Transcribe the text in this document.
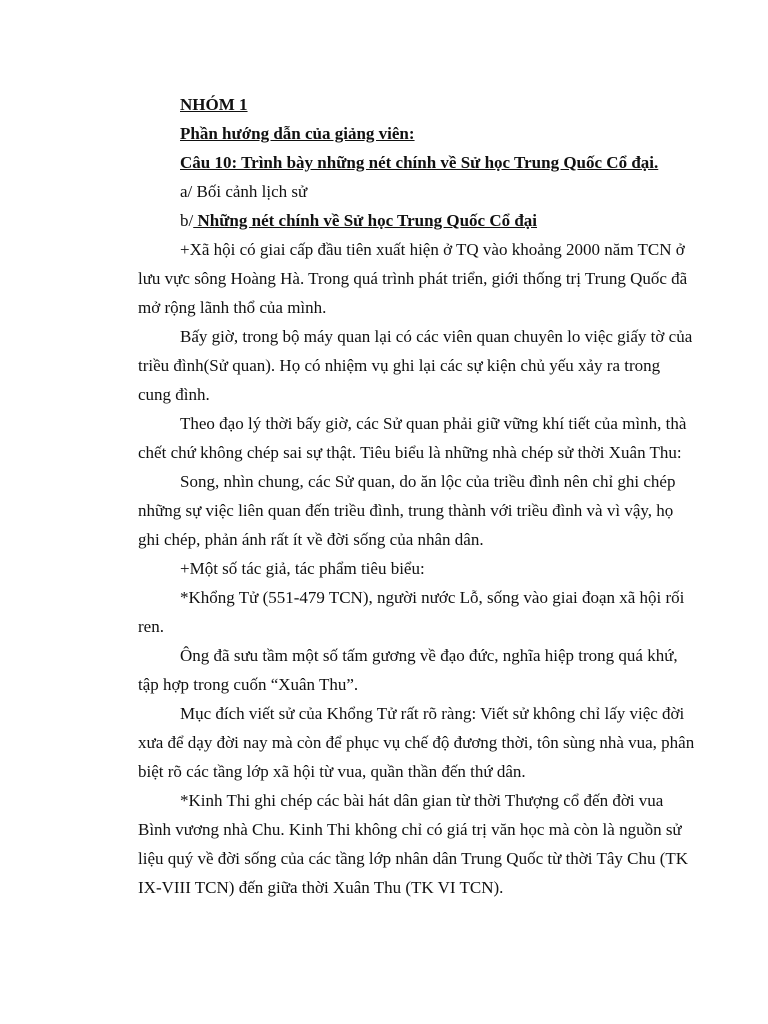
NHÓM 1

Phần hướng dẫn của giảng viên:

Câu 10: Trình bày những nét chính về Sử học Trung Quốc Cổ đại.

a/ Bối cảnh lịch sử

b/ Những nét chính về Sử học Trung Quốc Cổ đại

+Xã hội có giai cấp đầu tiên xuất hiện ở TQ vào khoảng 2000 năm TCN ở
lưu vực sông Hoàng Hà. Trong quá trình phát triển, giới thống trị Trung Quốc đã
mở rộng lãnh thổ của mình.

Bấy giờ, trong bộ máy quan lại có các viên quan chuyên lo việc giấy tờ của
triều đình(Sử quan). Họ có nhiệm vụ ghi lại các sự kiện chủ yếu xảy ra trong
cung đình.

Theo đạo lý thời bấy giờ, các Sử quan phải giữ vững khí tiết của mình, thà
chết chứ không chép sai sự thật. Tiêu biểu là những nhà chép sử thời Xuân Thu:

Song, nhìn chung, các Sử quan, do ăn lộc của triều đình nên chỉ ghi chép
những sự việc liên quan đến triều đình, trung thành với triều đình và vì vậy, họ
ghi chép, phản ánh rất ít về đời sống của nhân dân.

+Một số tác giả, tác phẩm tiêu biểu:

*Khổng Tử (551-479 TCN), người nước Lỗ, sống vào giai đoạn xã hội rối
ren.

Ông đã sưu tầm một số tấm gương về đạo đức, nghĩa hiệp trong quá khứ,
tập hợp trong cuốn “Xuân Thu”.

Mục đích viết sử của Khổng Tử rất rõ ràng: Viết sử không chỉ lấy việc đời
xưa để dạy đời nay mà còn để phục vụ chế độ đương thời, tôn sùng nhà vua, phân
biệt rõ các tầng lớp xã hội từ vua, quần thần đến thứ dân.

*Kinh Thi ghi chép các bài hát dân gian từ thời Thượng cổ đến đời vua
Bình vương nhà Chu. Kinh Thi không chỉ có giá trị văn học mà còn là nguồn sử
liệu quý về đời sống của các tầng lớp nhân dân Trung Quốc từ thời Tây Chu (TK
IX-VIII TCN) đến giữa thời Xuân Thu (TK VI TCN).
